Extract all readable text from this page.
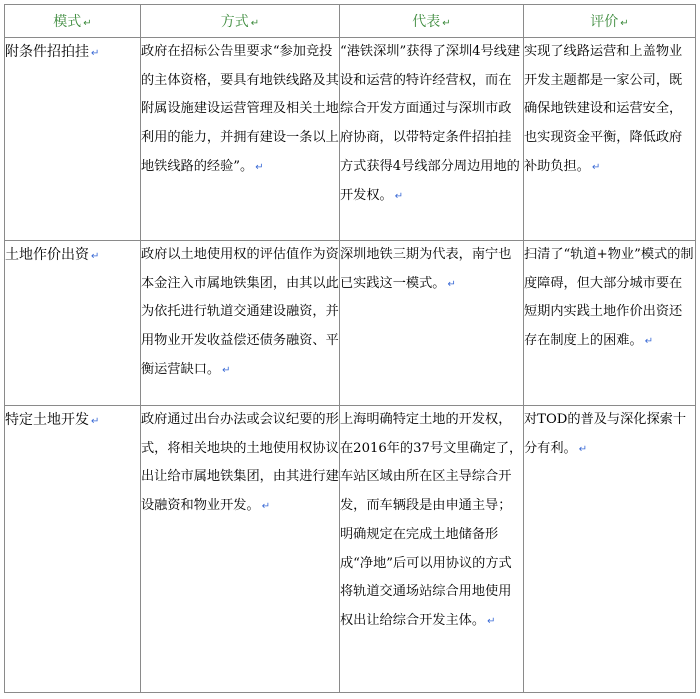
模式 ↵	方式 ↵	代表 ↵	评价 ↵
附条件招拍挂 ↵	政府在招标公告里要求“参加竞投的主体资格，要具有地铁线路及其附属设施建设运营管理及相关土地利用的能力，并拥有建设一条以上地铁线路的经验”。 ↵	“港铁深圳”获得了深圳4号线建设和运营的特许经营权，而在综合开发方面通过与深圳市政府协商，以带特定条件招拍挂方式获得4号线部分周边用地的开发权。 ↵	实现了线路运营和上盖物业开发主题都是一家公司，既确保地铁建设和运营安全，也实现资金平衡，降低政府补助负担。 ↵
土地作价出资 ↵	政府以土地使用权的评估值作为资本金注入市属地铁集团，由其以此为依托进行轨道交通建设融资，并用物业开发收益偿还债务融资、平衡运营缺口。 ↵	深圳地铁三期为代表，南宁也已实践这一模式。 ↵	扫清了“轨道+物业”模式的制度障碍，但大部分城市要在短期内实践土地作价出资还存在制度上的困难。 ↵
特定土地开发 ↵	政府通过出台办法或会议纪要的形式，将相关地块的土地使用权协议出让给市属地铁集团，由其进行建设融资和物业开发。 ↵	上海明确特定土地的开发权，在2016年的37号文里确定了，车站区域由所在区主导综合开发，而车辆段是由申通主导；明确规定在完成土地储备形成“净地”后可以用协议的方式将轨道交通场站综合用地使用权出让给综合开发主体。 ↵	对TOD的普及与深化探索十分有利。 ↵
